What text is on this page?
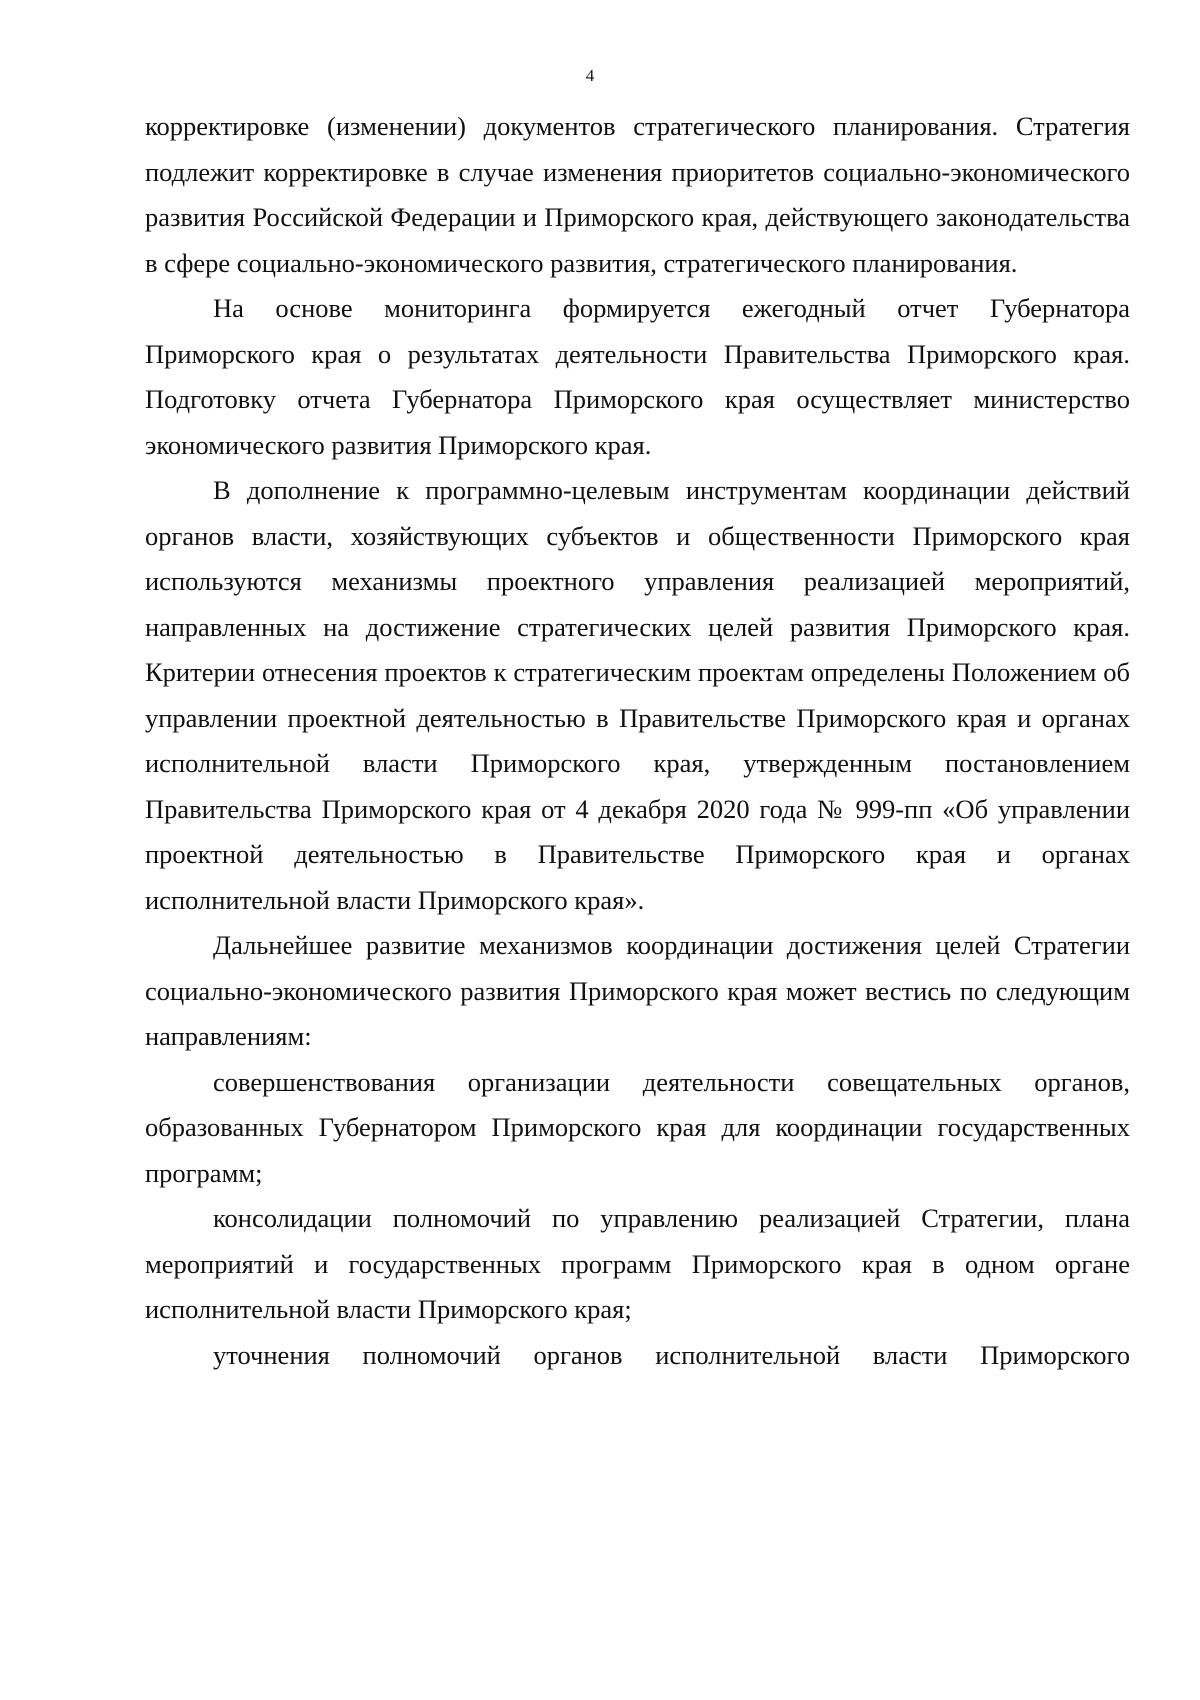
4

корректировке (изменении) документов стратегического планирования. Стратегия подлежит корректировке в случае изменения приоритетов социально-экономического развития Российской Федерации и Приморского края, действующего законодательства в сфере социально-экономического развития, стратегического планирования.

На основе мониторинга формируется ежегодный отчет Губернатора Приморского края о результатах деятельности Правительства Приморского края. Подготовку отчета Губернатора Приморского края осуществляет министерство экономического развития Приморского края.

В дополнение к программно-целевым инструментам координации действий органов власти, хозяйствующих субъектов и общественности Приморского края используются механизмы проектного управления реализацией мероприятий, направленных на достижение стратегических целей развития Приморского края. Критерии отнесения проектов к стратегическим проектам определены Положением об управлении проектной деятельностью в Правительстве Приморского края и органах исполнительной власти Приморского края, утвержденным постановлением Правительства Приморского края от 4 декабря 2020 года № 999-пп «Об управлении проектной деятельностью в Правительстве Приморского края и органах исполнительной власти Приморского края».

Дальнейшее развитие механизмов координации достижения целей Стратегии социально-экономического развития Приморского края может вестись по следующим направлениям:

совершенствования организации деятельности совещательных органов, образованных Губернатором Приморского края для координации государственных программ;

консолидации полномочий по управлению реализацией Стратегии, плана мероприятий и государственных программ Приморского края в одном органе исполнительной власти Приморского края;

уточнения полномочий органов исполнительной власти Приморского
